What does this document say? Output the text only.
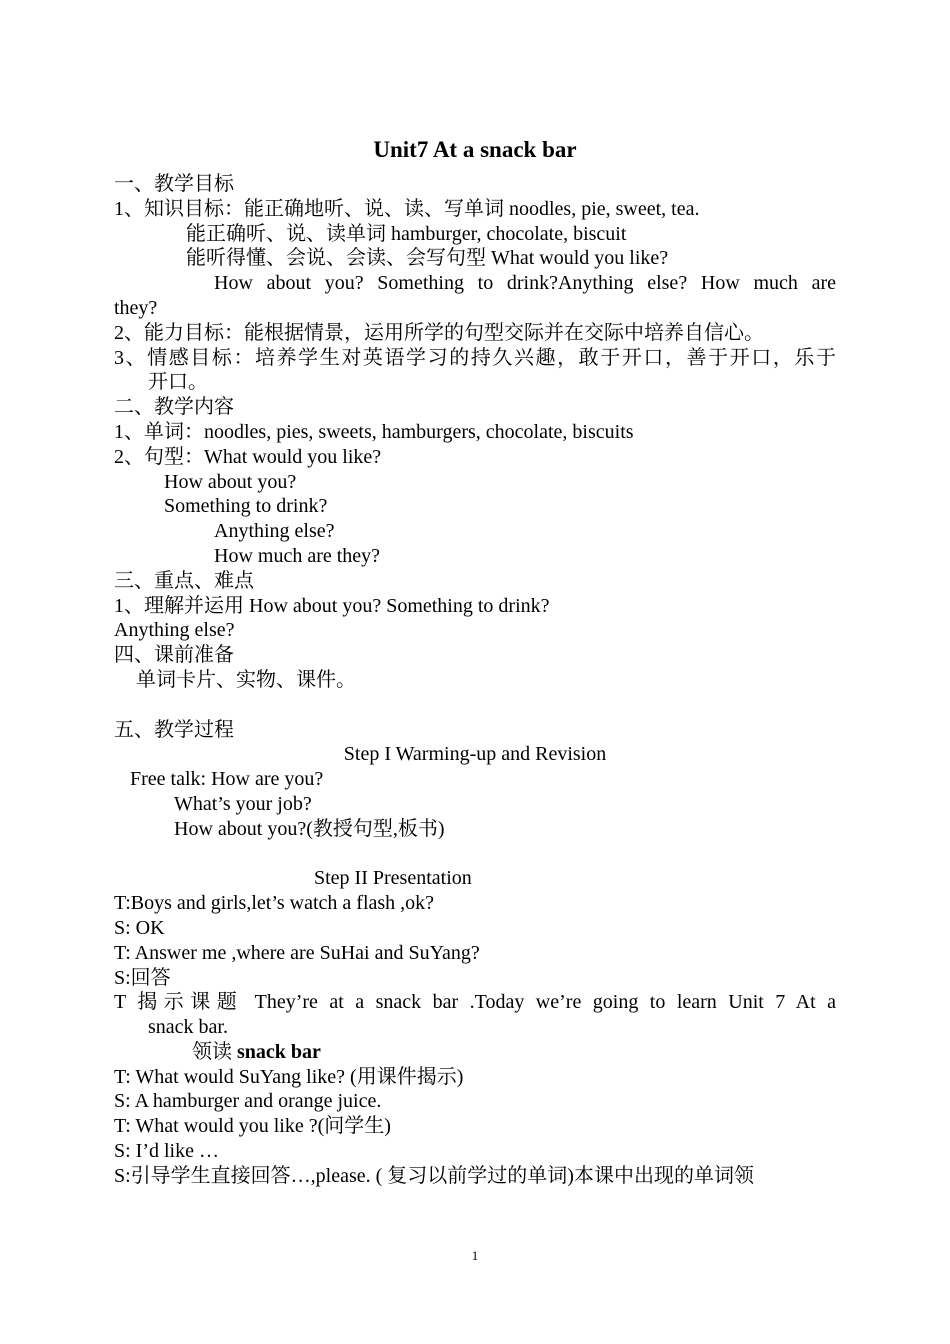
Unit7 At a snack bar
一、教学目标
1、知识目标：能正确地听、说、读、写单词 noodles, pie, sweet, tea.
能正确听、说、读单词 hamburger, chocolate, biscuit
能听得懂、会说、会读、会写句型 What would you like?
How about you? Something to drink?Anything else? How much are
they?
2、能力目标：能根据情景，运用所学的句型交际并在交际中培养自信心。
3、情感目标：培养学生对英语学习的持久兴趣，敢于开口，善于开口，乐于
开口。
二、教学内容
1、单词：noodles, pies, sweets, hamburgers, chocolate, biscuits
2、句型：What would you like?
How about you?
Something to drink?
Anything else?
How much are they?
三、重点、难点
1、理解并运用 How about you? Something to drink?
Anything else?
四、课前准备
单词卡片、实物、课件。
五、教学过程
Step I Warming-up and Revision
Free talk: How are you?
What’s your job?
How about you?(教授句型,板书)
Step II Presentation
T:Boys and girls,let’s watch a flash ,ok?
S: OK
T: Answer me ,where are SuHai and SuYang?
S:回答
T 揭示课题 They’re at a snack bar .Today we’re going to learn Unit 7 At a
snack bar.
领读 snack bar
T: What would SuYang like? (用课件揭示)
S: A hamburger and orange juice.
T: What would you like ?(问学生)
S: I’d like …
S:引导学生直接回答…,please. ( 复习以前学过的单词)本课中出现的单词领
1
